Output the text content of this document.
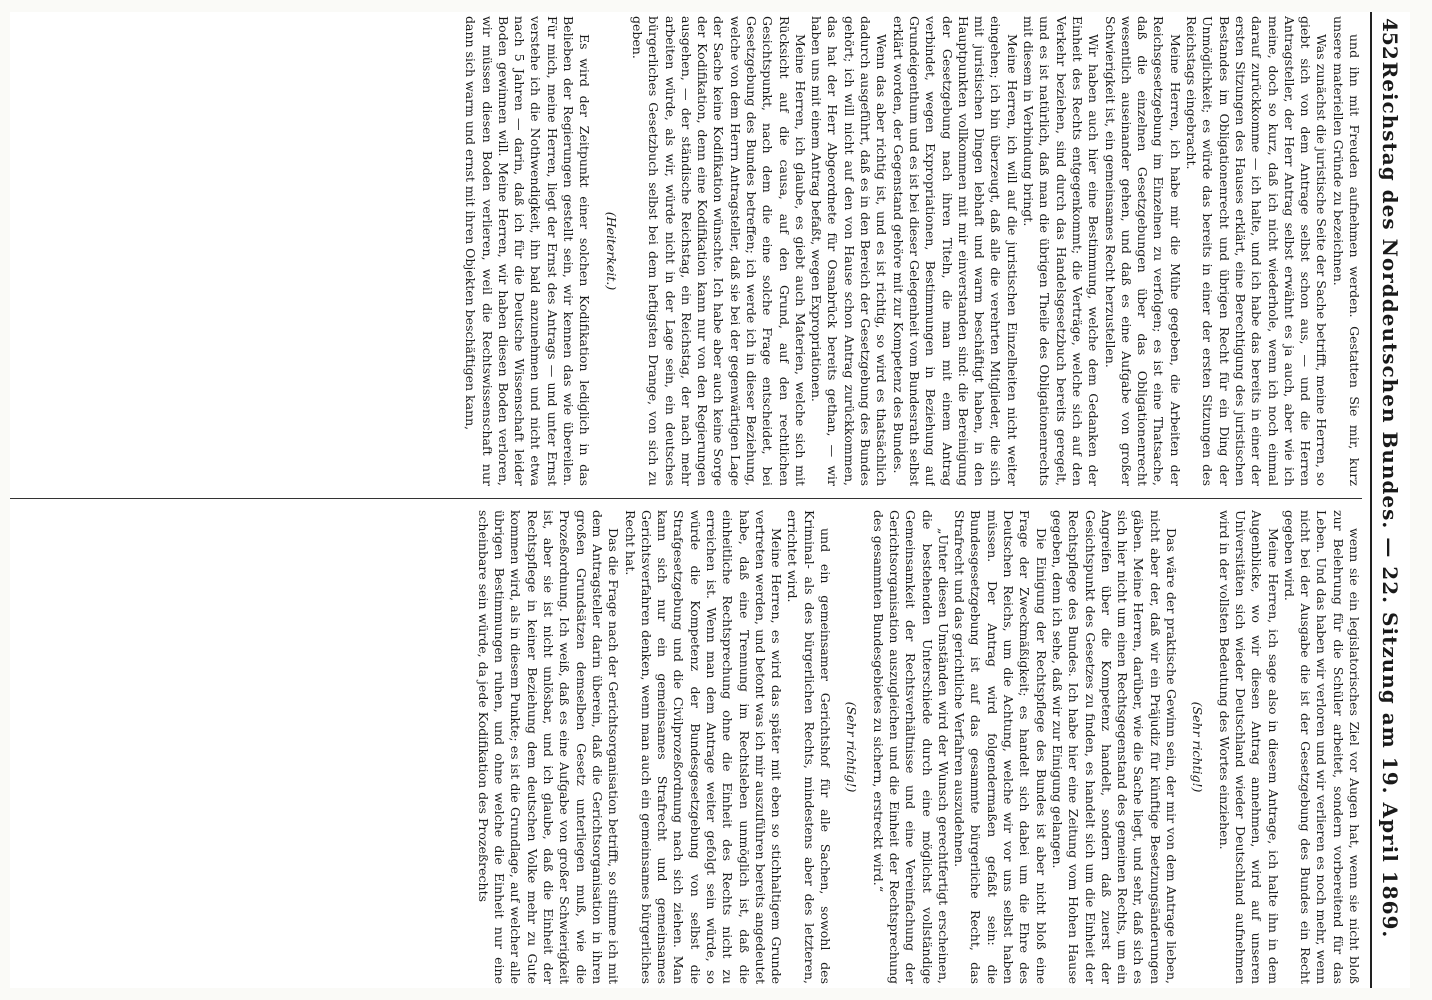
452
Reichstag des Norddeutschen Bundes. — 22. Sitzung am 19. April 1869.

und ihn mit Freuden aufnehmen werden. Gestatten Sie mir, kurz unsere materiellen Gründe zu bezeichnen.

Was zunächst die juristische Seite der Sache betrifft, meine Herren, so giebt sich von dem Antrage selbst schon aus, — und die Herren Antragsteller, der Herr Antrag selbst erwähnt es ja auch, aber wie ich meine, doch so kurz, daß ich nicht wiederhole, wenn ich noch einmal darauf zurückkomme — ich halte, und ich habe das bereits in einer der ersten Sitzungen des Hauses erklärt, eine Berechtigung des juristischen Bestandes im Obligationenrecht und übrigen Recht für ein Ding der Unmöglichkeit; es würde das bereits in einer der ersten Sitzungen des Reichstags eingebracht.

Meine Herren, ich habe mir die Mühe gegeben, die Arbeiten der Reichsgesetzgebung im Einzelnen zu verfolgen; es ist eine Thatsache, daß die einzelnen Gesetzgebungen über das Obligationenrecht wesentlich auseinander gehen, und daß es eine Aufgabe von großer Schwierigkeit ist, ein gemeinsames Recht herzustellen.

Wir haben auch hier eine Bestimmung, welche dem Gedanken der Einheit des Rechts entgegenkommt; die Verträge, welche sich auf den Verkehr beziehen, sind durch das Handelsgesetzbuch bereits geregelt, und es ist natürlich, daß man die übrigen Theile des Obligationenrechts mit diesem in Verbindung bringt.

Meine Herren, ich will auf die juristischen Einzelheiten nicht weiter eingehen; ich bin überzeugt, daß alle die verehrten Mitglieder, die sich mit juristischen Dingen lebhaft und warm beschäftigt haben, in den Hauptpunkten vollkommen mit mir einverstanden sind: die Bereinigung der Gesetzgebung nach ihren Titeln, die man mit einem Antrag verbindet, wegen Expropriationen, Bestimmungen in Beziehung auf Grundeigenthum und es ist bei dieser Gelegenheit vom Bundesrath selbst erklärt worden, der Gegenstand gehöre mit zur Kompetenz des Bundes.

Wenn das aber richtig ist, und es ist richtig, so wird es thatsächlich dadurch ausgeführt, daß es in den Bereich der Gesetzgebung des Bundes gehört; ich will nicht auf den von Hause schon Antrag zurückkommen, das hat der Herr Abgeordnete für Osnabrück bereits gethan, — wir haben uns mit einem Antrag befaßt, wegen Expropriationen.

Meine Herren, ich glaube, es giebt auch Materien, welche sich mit Rücksicht auf die causa, auf den Grund, auf den rechtlichen Gesichtspunkt, nach dem die eine solche Frage entscheidet, bei Gesetzgebung des Bundes betreffen; ich werde ich in dieser Beziehung, welche von dem Herrn Antragsteller, daß sie bei der gegenwärtigen Lage der Sache keine Kodifikation wünschte. Ich habe aber auch keine Sorge der Kodifikation, denn eine Kodifikation kann nur von den Regierungen ausgehen, — der ständische Reichstag, ein Reichstag, der nach mehr arbeiten würde, als wir, würde nicht in der Lage sein, ein deutsches bürgerliches Gesetzbuch selbst bei dem heftigsten Drange, von sich zu geben.

(Heiterkeit.)

Es wird der Zeitpunkt einer solchen Kodifikation lediglich in das Belieben der Regierungen gestellt sein, wir kennen das wie übereilen. Für mich, meine Herren, liegt der Ernst des Antrags — und unter Ernst verstehe ich die Nothwendigkeit, ihn bald anzunehmen und nicht etwa nach 5 Jahren — darin, daß ich für die Deutsche Wissenschaft leider Boden gewinnen will. Meine Herren, wir haben diesen Boden verloren, wir müssen diesen Boden verlieren, weil die Rechtswissenschaft nur dann sich warm und ernst mit ihren Objekten beschäftigen kann,

wenn sie ein legislatorisches Ziel vor Augen hat, wenn sie nicht bloß zur Belehrung für die Schüler arbeitet, sondern vorbereitend für das Leben. Und das haben wir verloren und wir verlieren es noch mehr, wenn nicht bei der Ausgabe die ist der Gesetzgebung des Bundes ein Recht gegeben wird.

Meine Herren, ich sage also in diesem Antrage, ich halte ihn in dem Augenblicke, wo wir diesen Antrag annehmen, wird auf unseren Universitäten sich wieder Deutschland wieder Deutschland aufnehmen wird in der vollsten Bedeutung des Wortes einziehen.

(Sehr richtig!)

Das wäre der praktische Gewinn sein, der mir von dem Antrage lieben, nicht aber der, daß wir ein Präjudiz für künftige Besetzungsänderungen gäben. Meine Herren, darüber, wie die Sache liegt, und sehr, daß sich es sich hier nicht um einen Rechtsgegenstand des gemeinen Rechts, um ein Angreifen über die Kompetenz handelt, sondern daß zuerst der Gesichtspunkt des Gesetzes zu finden, es handelt sich um die Einheit der Rechtspflege des Bundes. Ich habe hier eine Zeitung vom Hohen Hause gegeben, denn ich sehe, daß wir zur Einigung gelangen.

Die Einigung der Rechtspflege des Bundes ist aber nicht bloß eine Frage der Zweckmäßigkeit; es handelt sich dabei um die Ehre des Deutschen Reichs, um die Achtung, welche wir vor uns selbst haben müssen. Der Antrag wird folgendermaßen gefaßt sein: die Bundesgesetzgebung ist auf das gesammte bürgerliche Recht, das Strafrecht und das gerichtliche Verfahren auszudehnen.

„Unter diesen Umständen wird der Wunsch gerechtfertigt erscheinen, die bestehenden Unterschiede durch eine möglichst vollständige Gemeinsamkeit der Rechtsverhältnisse und eine Vereinfachung der Gerichtsorganisation auszugleichen und die Einheit der Rechtsprechung des gesammten Bundesgebietes zu sichern, erstreckt wird.“

(Sehr richtig!)

und ein gemeinsamer Gerichtshof für alle Sachen, sowohl des Kriminal- als des bürgerlichen Rechts, mindestens aber des letzteren, errichtet wird.

Meine Herren, es wird das später mit eben so stichhaltigem Grunde vertreten werden, und betont was ich mir auszuführen bereits angedeutet habe, daß eine Trennung im Rechtsleben unmöglich ist, daß die einheitliche Rechtsprechung ohne die Einheit des Rechts nicht zu erreichen ist. Wenn man dem Antrage weiter gefolgt sein würde, so würde die Kompetenz der Bundesgesetzgebung von selbst die Strafgesetzgebung und die Civilprozeßordnung nach sich ziehen. Man kann sich nur ein gemeinsames Strafrecht und gemeinsames Gerichtsverfahren denken, wenn man auch ein gemeinsames bürgerliches Recht hat.

Das die Frage nach der Gerichtsorganisation betrifft, so stimme ich mit dem Antragsteller darin überein, daß die Gerichtsorganisation in ihren großen Grundsätzen demselben Gesetz unterliegen muß, wie die Prozeßordnung. Ich weiß, daß es eine Aufgabe von großer Schwierigkeit ist, aber sie ist nicht unlösbar, und ich glaube, daß die Einheit der Rechtspflege in keiner Beziehung dem deutschen Volke mehr zu Gute kommen wird, als in diesem Punkte; es ist die Grundlage, auf welcher alle übrigen Bestimmungen ruhen, und ohne welche die Einheit nur eine scheinbare sein würde, da jede Kodifikation des Prozeßrechts
